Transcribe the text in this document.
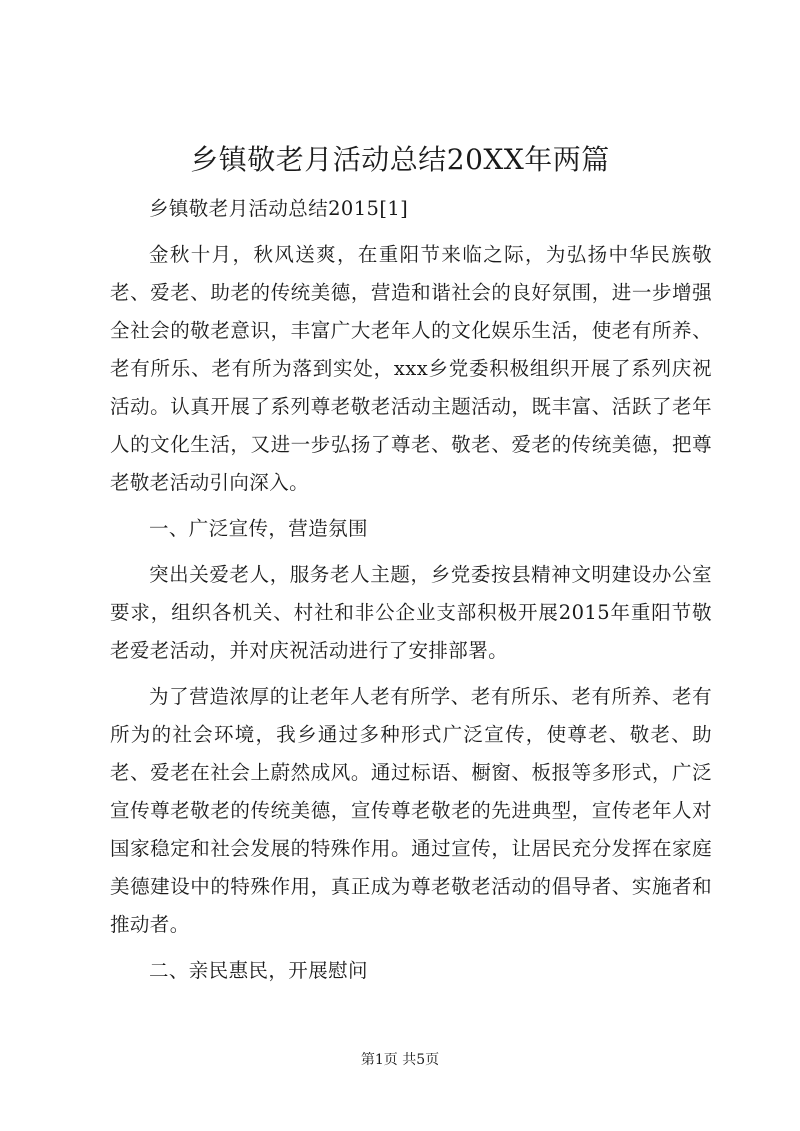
乡镇敬老月活动总结20XX年两篇

乡镇敬老月活动总结2015[1]

金秋十月，秋风送爽，在重阳节来临之际，为弘扬中华民族敬老、爱老、助老的传统美德，营造和谐社会的良好氛围，进一步增强全社会的敬老意识，丰富广大老年人的文化娱乐生活，使老有所养、老有所乐、老有所为落到实处，xxx乡党委积极组织开展了系列庆祝活动。认真开展了系列尊老敬老活动主题活动，既丰富、活跃了老年人的文化生活，又进一步弘扬了尊老、敬老、爱老的传统美德，把尊老敬老活动引向深入。

一、广泛宣传，营造氛围

突出关爱老人，服务老人主题，乡党委按县精神文明建设办公室要求，组织各机关、村社和非公企业支部积极开展2015年重阳节敬老爱老活动，并对庆祝活动进行了安排部署。

为了营造浓厚的让老年人老有所学、老有所乐、老有所养、老有所为的社会环境，我乡通过多种形式广泛宣传，使尊老、敬老、助老、爱老在社会上蔚然成风。通过标语、橱窗、板报等多形式，广泛宣传尊老敬老的传统美德，宣传尊老敬老的先进典型，宣传老年人对国家稳定和社会发展的特殊作用。通过宣传，让居民充分发挥在家庭美德建设中的特殊作用，真正成为尊老敬老活动的倡导者、实施者和推动者。

二、亲民惠民，开展慰问

第1页 共5页
